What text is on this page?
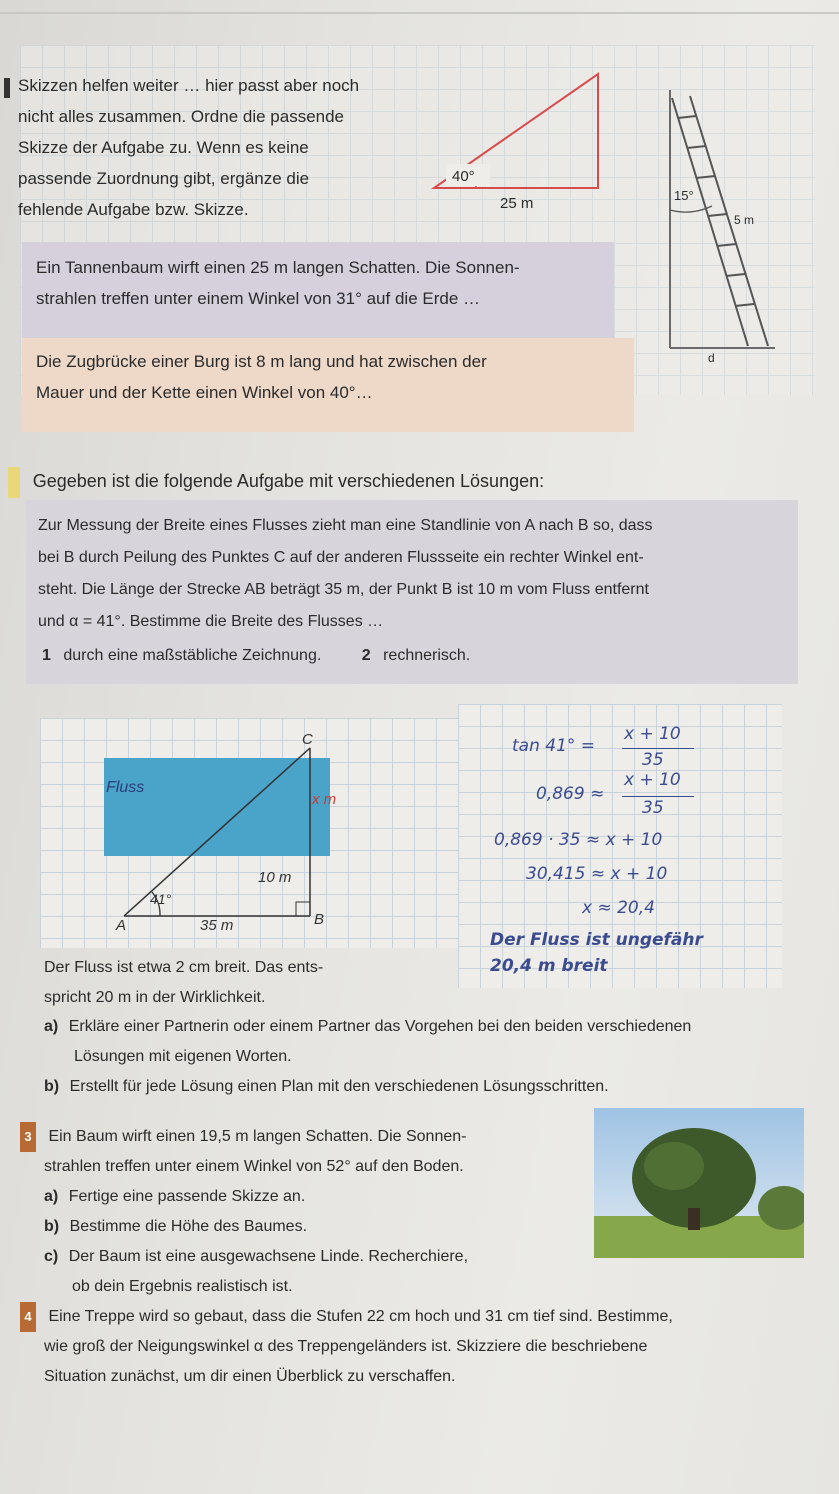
Skizzen helfen weiter … hier passt aber noch
nicht alles zusammen. Ordne die passende
Skizze der Aufgabe zu. Wenn es keine
passende Zuordnung gibt, ergänze die
fehlende Aufgabe bzw. Skizze.
40°
25 m	15°
5 m
d
Ein Tannenbaum wirft einen 25 m langen Schatten. Die Sonnen-
strahlen treffen unter einem Winkel von 31° auf die Erde …
Die Zugbrücke einer Burg ist 8 m lang und hat zwischen der
Mauer und der Kette einen Winkel von 40°…
2 Gegeben ist die folgende Aufgabe mit verschiedenen Lösungen:
Zur Messung der Breite eines Flusses zieht man eine Standlinie von A nach B so, dass
bei B durch Peilung des Punktes C auf der anderen Flussseite ein rechter Winkel ent-
steht. Die Länge der Strecke AB beträgt 35 m, der Punkt B ist 10 m vom Fluss entfernt
und α = 41°. Bestimme die Breite des Flusses …
1 durch eine maßstäbliche Zeichnung.	2 rechnerisch.
C
Fluss
x m
10 m
41°
A	35 m	B
tan 41° =
x + 10
35
0,869 ≈
x + 10
35
0,869 · 35 ≈ x + 10
30,415 ≈ x + 10
x ≈ 20,4
Der Fluss ist ungefähr
20,4 m breit
Der Fluss ist etwa 2 cm breit. Das ents-
spricht 20 m in der Wirklichkeit.
a) Erkläre einer Partnerin oder einem Partner das Vorgehen bei den beiden verschiedenen
Lösungen mit eigenen Worten.
b) Erstellt für jede Lösung einen Plan mit den verschiedenen Lösungsschritten.
3 Ein Baum wirft einen 19,5 m langen Schatten. Die Sonnen-
strahlen treffen unter einem Winkel von 52° auf den Boden.
a) Fertige eine passende Skizze an.
b) Bestimme die Höhe des Baumes.
c) Der Baum ist eine ausgewachsene Linde. Recherchiere,
ob dein Ergebnis realistisch ist.
4 Eine Treppe wird so gebaut, dass die Stufen 22 cm hoch und 31 cm tief sind. Bestimme,
wie groß der Neigungswinkel α des Treppengeländers ist. Skizziere die beschriebene
Situation zunächst, um dir einen Überblick zu verschaffen.
